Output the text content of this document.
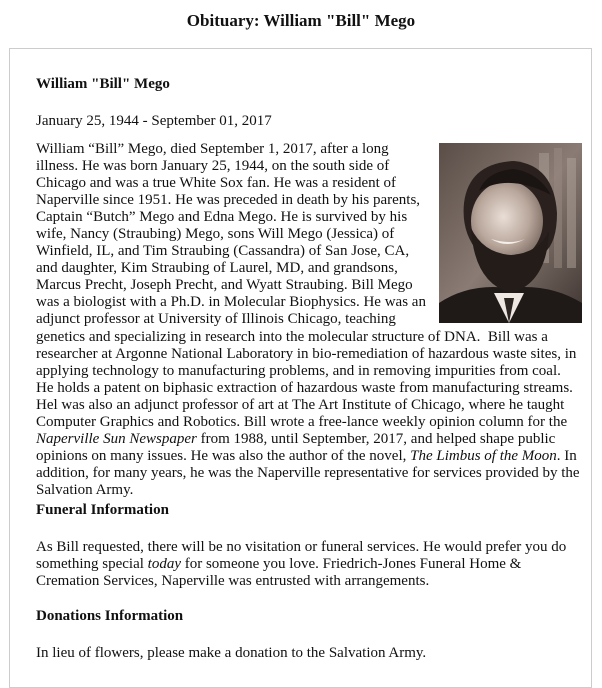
Obituary: William "Bill" Mego
William "Bill" Mego

January 25, 1944 - September 01, 2017

William “Bill” Mego, died September 1, 2017, after a long illness. He was born January 25, 1944, on the south side of Chicago and was a true White Sox fan. He was a resident of Naperville since 1951. He was preceded in death by his parents, Captain “Butch” Mego and Edna Mego. He is survived by his wife, Nancy (Straubing) Mego, sons Will Mego (Jessica) of Winfield, IL, and Tim Straubing (Cassandra) of San Jose, CA, and daughter, Kim Straubing of Laurel, MD, and grandsons, Marcus Precht, Joseph Precht, and Wyatt Straubing. Bill Mego was a biologist with a Ph.D. in Molecular Biophysics. He was an adjunct professor at University of Illinois Chicago, teaching genetics and specializing in research into the molecular structure of DNA.  Bill was a researcher at Argonne National Laboratory in bio-remediation of hazardous waste sites, in applying technology to manufacturing problems, and in removing impurities from coal. He holds a patent on biphasic extraction of hazardous waste from manufacturing streams. Hel was also an adjunct professor of art at The Art Institute of Chicago, where he taught Computer Graphics and Robotics. Bill wrote a free-lance weekly opinion column for the Naperville Sun Newspaper from 1988, until September, 2017, and helped shape public opinions on many issues. He was also the author of the novel, The Limbus of the Moon. In addition, for many years, he was the Naperville representative for services provided by the Salvation Army.
Funeral Information

As Bill requested, there will be no visitation or funeral services. He would prefer you do something special today for someone you love. Friedrich-Jones Funeral Home & Cremation Services, Naperville was entrusted with arrangements.

Donations Information

In lieu of flowers, please make a donation to the Salvation Army.
